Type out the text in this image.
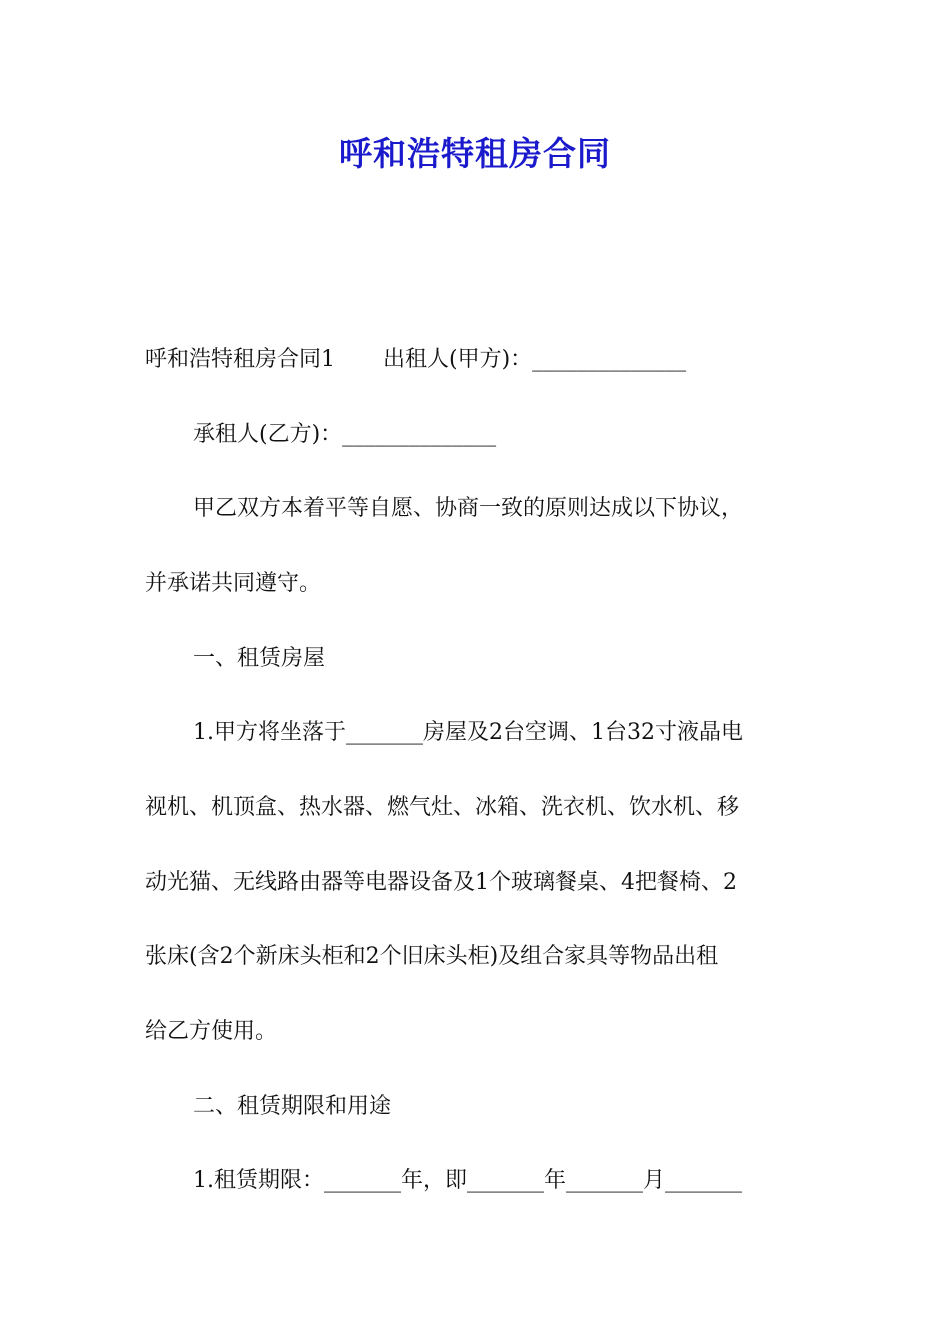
呼和浩特租房合同

呼和浩特租房合同1 出租人(甲方)：______________

承租人(乙方)：______________

甲乙双方本着平等自愿、协商一致的原则达成以下协议，

并承诺共同遵守。

一、租赁房屋

1.甲方将坐落于_______房屋及2台空调、1台32寸液晶电

视机、机顶盒、热水器、燃气灶、冰箱、洗衣机、饮水机、移

动光猫、无线路由器等电器设备及1个玻璃餐桌、4把餐椅、2

张床(含2个新床头柜和2个旧床头柜)及组合家具等物品出租

给乙方使用。

二、租赁期限和用途

1.租赁期限：_______年，即_______年_______月_______
